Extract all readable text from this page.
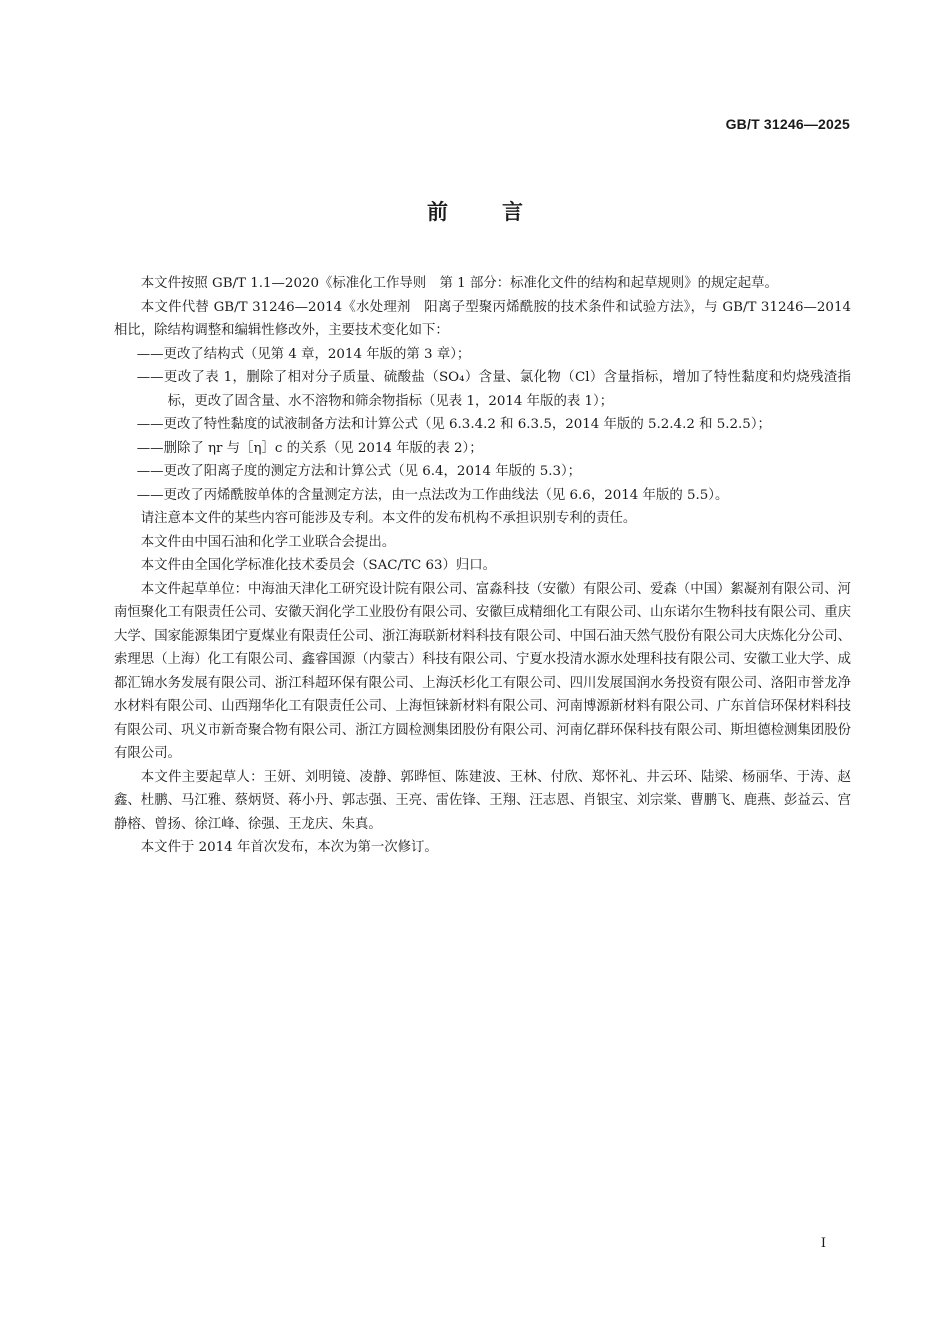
GB/T 31246—2025
前	言

本文件按照 GB/T 1.1—2020《标准化工作导则　第 1 部分：标准化文件的结构和起草规则》的规定起草。

本文件代替 GB/T 31246—2014《水处理剂　阳离子型聚丙烯酰胺的技术条件和试验方法》，与 GB/T 31246—2014 相比，除结构调整和编辑性修改外，主要技术变化如下：

——更改了结构式（见第 4 章，2014 年版的第 3 章）；

——更改了表 1，删除了相对分子质量、硫酸盐（SO₄）含量、氯化物（Cl）含量指标，增加了特性黏度和灼烧残渣指标，更改了固含量、水不溶物和筛余物指标（见表 1，2014 年版的表 1）；

——更改了特性黏度的试液制备方法和计算公式（见 6.3.4.2 和 6.3.5，2014 年版的 5.2.4.2 和 5.2.5）；

——删除了 ηr 与［η］c 的关系（见 2014 年版的表 2）；

——更改了阳离子度的测定方法和计算公式（见 6.4，2014 年版的 5.3）；

——更改了丙烯酰胺单体的含量测定方法，由一点法改为工作曲线法（见 6.6，2014 年版的 5.5）。

请注意本文件的某些内容可能涉及专利。本文件的发布机构不承担识别专利的责任。

本文件由中国石油和化学工业联合会提出。

本文件由全国化学标准化技术委员会（SAC/TC 63）归口。

本文件起草单位：中海油天津化工研究设计院有限公司、富淼科技（安徽）有限公司、爱森（中国）絮凝剂有限公司、河南恒聚化工有限责任公司、安徽天润化学工业股份有限公司、安徽巨成精细化工有限公司、山东诺尔生物科技有限公司、重庆大学、国家能源集团宁夏煤业有限责任公司、浙江海联新材料科技有限公司、中国石油天然气股份有限公司大庆炼化分公司、索理思（上海）化工有限公司、鑫睿国源（内蒙古）科技有限公司、宁夏水投清水源水处理科技有限公司、安徽工业大学、成都汇锦水务发展有限公司、浙江科超环保有限公司、上海沃杉化工有限公司、四川发展国润水务投资有限公司、洛阳市誉龙净水材料有限公司、山西翔华化工有限责任公司、上海恒铼新材料有限公司、河南博源新材料有限公司、广东首信环保材料科技有限公司、巩义市新奇聚合物有限公司、浙江方圆检测集团股份有限公司、河南亿群环保科技有限公司、斯坦德检测集团股份有限公司。

本文件主要起草人：王妍、刘明镜、凌静、郭晔恒、陈建波、王林、付欣、郑怀礼、井云环、陆梁、杨丽华、于涛、赵鑫、杜鹏、马江雅、蔡炳贤、蒋小丹、郭志强、王亮、雷佐锋、王翔、汪志恩、肖银宝、刘宗棠、曹鹏飞、鹿燕、彭益云、宫静榕、曾扬、徐江峰、徐强、王龙庆、朱真。

本文件于 2014 年首次发布，本次为第一次修订。

I
